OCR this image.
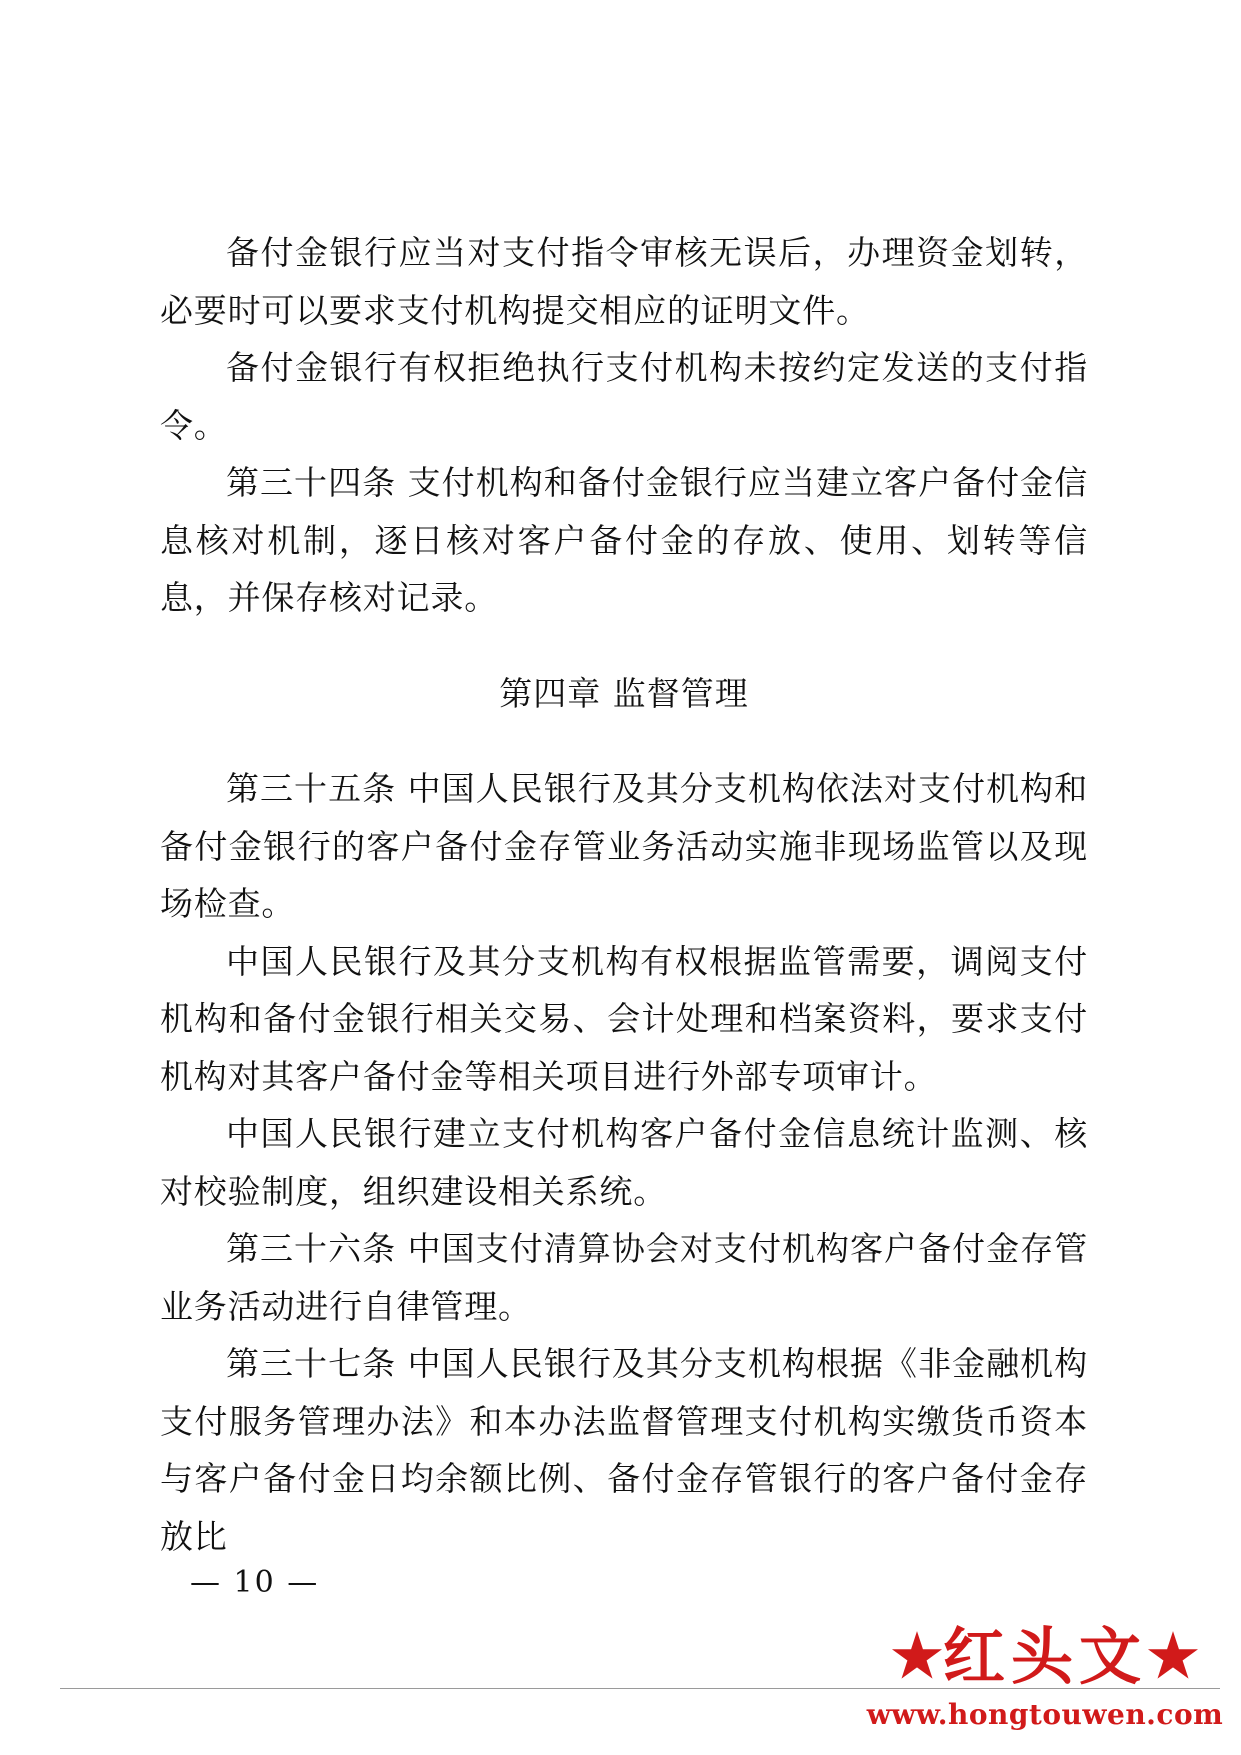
备付金银行应当对支付指令审核无误后，办理资金划转，必要时可以要求支付机构提交相应的证明文件。

备付金银行有权拒绝执行支付机构未按约定发送的支付指令。

第三十四条 支付机构和备付金银行应当建立客户备付金信息核对机制，逐日核对客户备付金的存放、使用、划转等信息，并保存核对记录。

第四章 监督管理

第三十五条 中国人民银行及其分支机构依法对支付机构和备付金银行的客户备付金存管业务活动实施非现场监管以及现场检查。

中国人民银行及其分支机构有权根据监管需要，调阅支付机构和备付金银行相关交易、会计处理和档案资料，要求支付机构对其客户备付金等相关项目进行外部专项审计。

中国人民银行建立支付机构客户备付金信息统计监测、核对校验制度，组织建设相关系统。

第三十六条 中国支付清算协会对支付机构客户备付金存管业务活动进行自律管理。

第三十七条 中国人民银行及其分支机构根据《非金融机构支付服务管理办法》和本办法监督管理支付机构实缴货币资本与客户备付金日均余额比例、备付金存管银行的客户备付金存放比

— 10 —
★红头文★
www.hongtouwen.com
